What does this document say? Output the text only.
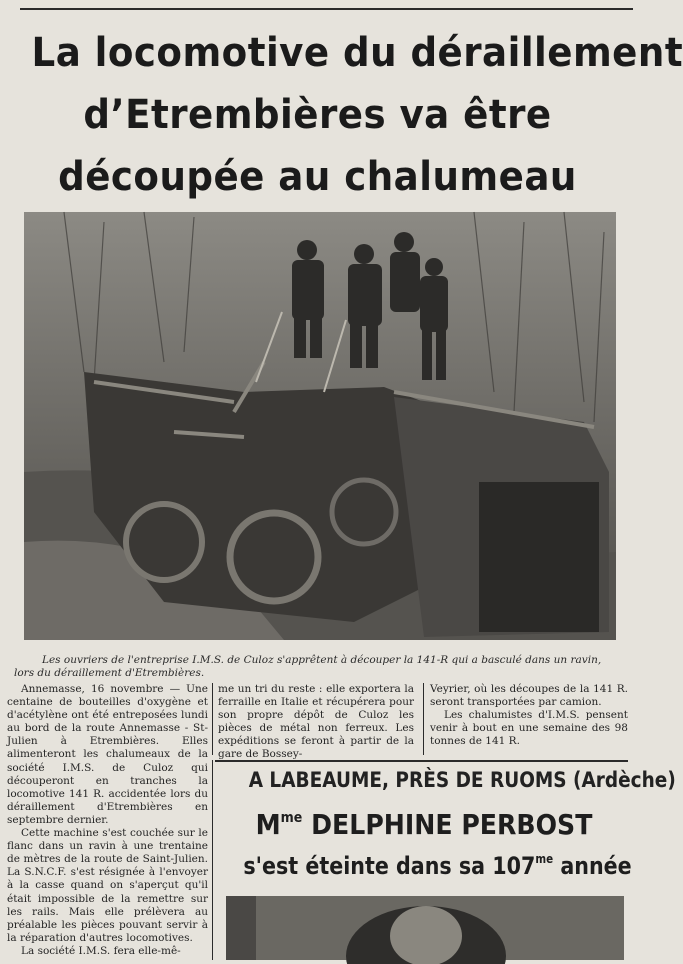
La locomotive du déraillement
d’Etrembières va être
découpée au chalumeau
Les ouvriers de l'entreprise I.M.S. de Culoz s'apprêtent à découper la 141-R qui a basculé dans un ravin, lors du déraillement d'Etrembières.

Annemasse, 16 novembre — Une centaine de bouteilles d'oxygène et d'acétylène ont été entreposées lundi au bord de la route Annemasse - St-Julien à Etrembières. Elles alimenteront les chalumeaux de la société I.M.S. de Culoz qui découperont en tranches la locomotive 141 R. accidentée lors du déraillement d'Etrembières en septembre dernier.

Cette machine s'est couchée sur le flanc dans un ravin à une trentaine de mètres de la route de Saint-Julien. La S.N.C.F. s'est résignée à l'envoyer à la casse quand on s'aperçut qu'il était impossible de la remettre sur les rails. Mais elle prélèvera au préalable les pièces pouvant servir à la réparation d'autres locomotives.

La société I.M.S. fera elle-mê-

me un tri du reste : elle exportera la ferraille en Italie et récupérera pour son propre dépôt de Culoz les pièces de métal non ferreux. Les expéditions se feront à partir de la gare de Bossey-

Veyrier, où les découpes de la 141 R. seront transportées par camion.

Les chalumistes d'I.M.S. pensent venir à bout en une semaine des 98 tonnes de 141 R.

A LABEAUME, PRÈS DE RUOMS (Ardèche)
$M^{me}$ DELPHINE PERBOST
s'est éteinte dans sa $107^{me}$ année
